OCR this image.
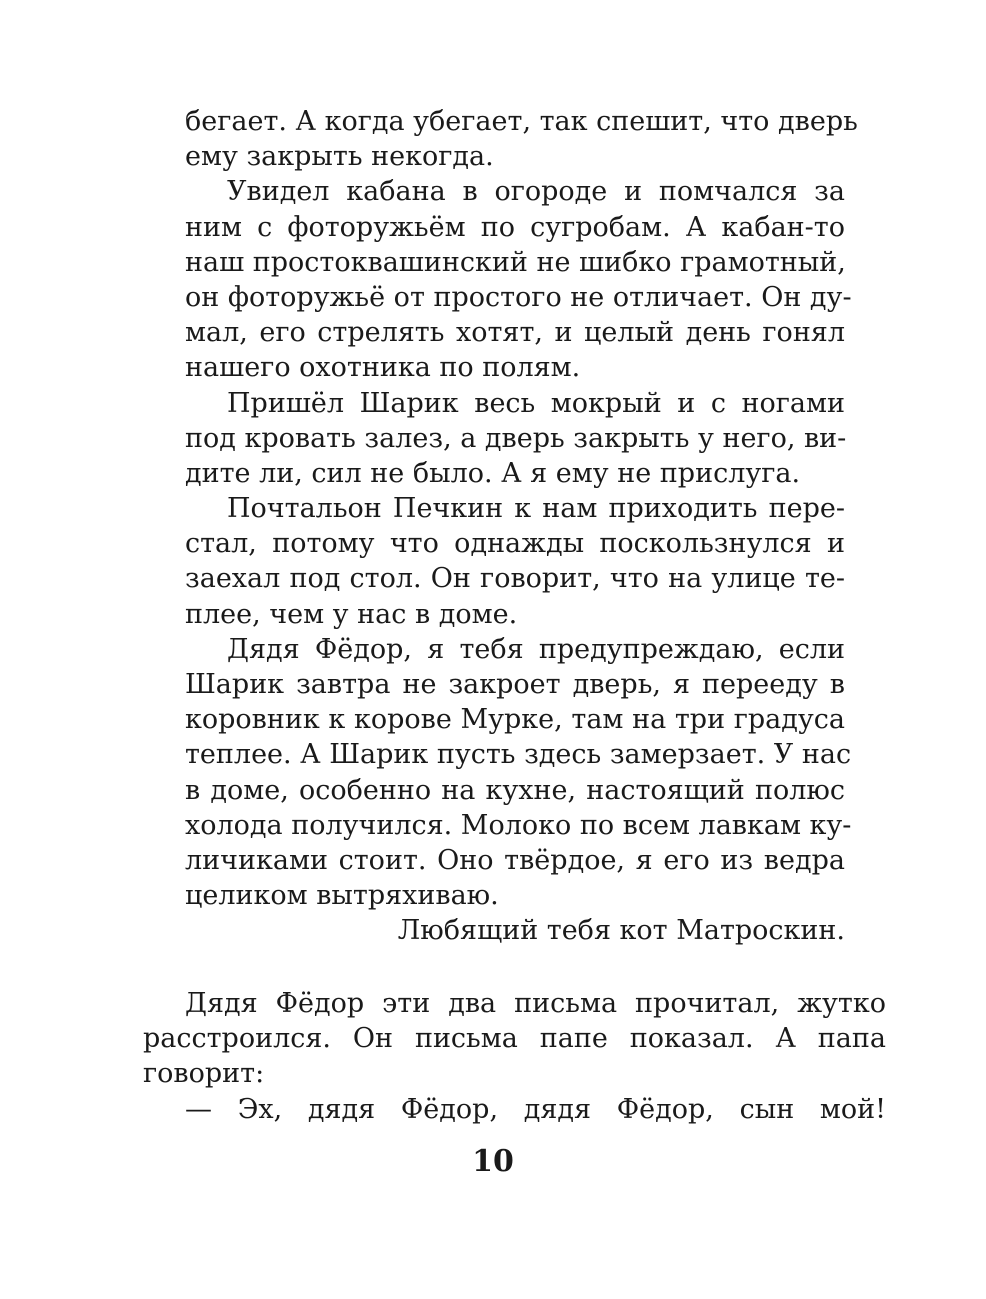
бегает. А когда убегает, так спешит, что дверь
ему закрыть некогда.
Увидел кабана в огороде и помчался за
ним с фоторужьём по сугробам. А кабан-то
наш простоквашинский не шибко грамотный,
он фоторужьё от простого не отличает. Он ду-
мал, его стрелять хотят, и целый день гонял
нашего охотника по полям.
Пришёл Шарик весь мокрый и с ногами
под кровать залез, а дверь закрыть у него, ви-
дите ли, сил не было. А я ему не прислуга.
Почтальон Печкин к нам приходить пере-
стал, потому что однажды поскользнулся и
заехал под стол. Он говорит, что на улице те-
плее, чем у нас в доме.
Дядя Фёдор, я тебя предупреждаю, если
Шарик завтра не закроет дверь, я перееду в
коровник к корове Мурке, там на три градуса
теплее. А Шарик пусть здесь замерзает. У нас
в доме, особенно на кухне, настоящий полюс
холода получился. Молоко по всем лавкам ку-
личиками стоит. Оно твёрдое, я его из ведра
целиком вытряхиваю.
Любящий тебя кот Матроскин.
Дядя Фёдор эти два письма прочитал, жутко
расстроился. Он письма папе показал. А папа
говорит:
— Эх, дядя Фёдор, дядя Фёдор, сын мой!
10
